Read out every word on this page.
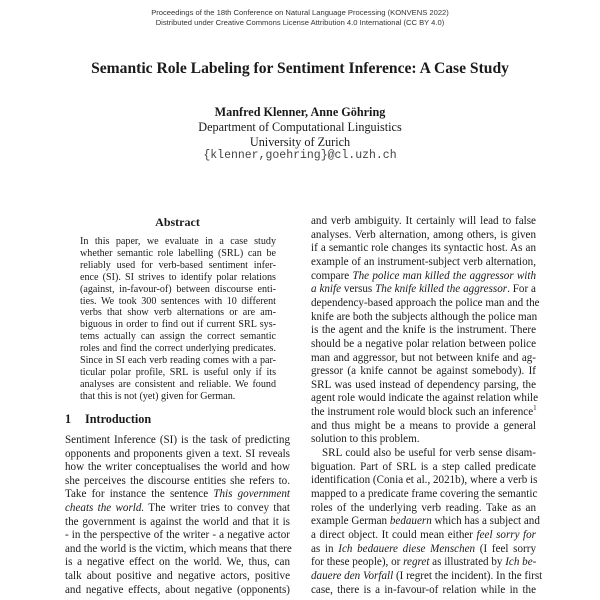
Proceedings of the 18th Conference on Natural Language Processing (KONVENS 2022)
Distributed under Creative Commons License Attribution 4.0 International (CC BY 4.0)
Semantic Role Labeling for Sentiment Inference: A Case Study
Manfred Klenner, Anne Göhring
Department of Computational Linguistics
University of Zurich
{klenner,goehring}@cl.uzh.ch
Abstract
In this paper, we evaluate in a case study
whether semantic role labelling (SRL) can be
reliably used for verb-based sentiment infer-
ence (SI). SI strives to identify polar relations
(against, in-favour-of) between discourse enti-
ties. We took 300 sentences with 10 different
verbs that show verb alternations or are am-
biguous in order to find out if current SRL sys-
tems actually can assign the correct semantic
roles and find the correct underlying predicates.
Since in SI each verb reading comes with a par-
ticular polar profile, SRL is useful only if its
analyses are consistent and reliable. We found
that this is not (yet) given for German.
1 Introduction
Sentiment Inference (SI) is the task of predicting
opponents and proponents given a text. SI reveals
how the writer conceptualises the world and how
she perceives the discourse entities she refers to.
Take for instance the sentence This government
cheats the world. The writer tries to convey that
the government is against the world and that it is
- in the perspective of the writer - a negative actor
and the world is the victim, which means that there
is a negative effect on the world. We, thus, can
talk about positive and negative actors, positive
and negative effects, about negative (opponents)
and verb ambiguity. It certainly will lead to false
analyses. Verb alternation, among others, is given
if a semantic role changes its syntactic host. As an
example of an instrument-subject verb alternation,
compare The police man killed the aggressor with
a knife versus The knife killed the aggressor. For a
dependency-based approach the police man and the
knife are both the subjects although the police man
is the agent and the knife is the instrument. There
should be a negative polar relation between police
man and aggressor, but not between knife and ag-
gressor (a knife cannot be against somebody). If
SRL was used instead of dependency parsing, the
agent role would indicate the against relation while
the instrument role would block such an inference$^1$
and thus might be a means to provide a general
solution to this problem.
SRL could also be useful for verb sense disam-
biguation. Part of SRL is a step called predicate
identification (Conia et al., 2021b), where a verb is
mapped to a predicate frame covering the semantic
roles of the underlying verb reading. Take as an
example German bedauern which has a subject and
a direct object. It could mean either feel sorry for
as in Ich bedauere diese Menschen (I feel sorry
for these people), or regret as illustrated by Ich be-
dauere den Vorfall (I regret the incident). In the first
case, there is a in-favour-of relation while in the
